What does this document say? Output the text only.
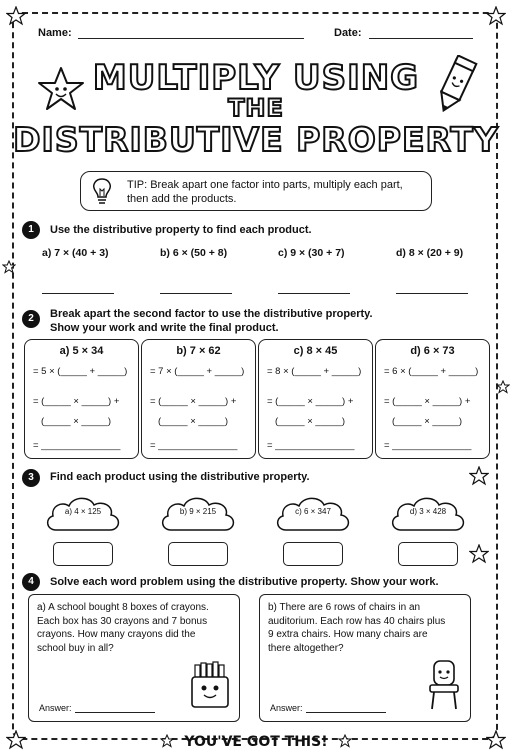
Name:	Date:
MULTIPLY USING
THE
DISTRIBUTIVE PROPERTY
TIP: Break apart one factor into parts, multiply each part, then add the products.
1	Use the distributive property to find each product.
a) 7 × (40 + 3)	b) 6 × (50 + 8)	c) 9 × (30 + 7)	d) 8 × (20 + 9)
2	Break apart the second factor to use the distributive property.
Show your work and write the final product.
a) 5 × 34
= 5 × (_____ + _____)
= (_____ × _____) +
(_____ × _____)
= _______________
b) 7 × 62
= 7 × (_____ + _____)
= (_____ × _____) +
(_____ × _____)
= _______________
c) 8 × 45
= 8 × (_____ + _____)
= (_____ × _____) +
(_____ × _____)
= _______________
d) 6 × 73
= 6 × (_____ + _____)
= (_____ × _____) +
(_____ × _____)
= _______________
3	Find each product using the distributive property.
a) 4 × 125	b) 9 × 215	c) 6 × 347	d) 3 × 428
4	Solve each word problem using the distributive property. Show your work.
a) A school bought 8 boxes of crayons. Each box has 30 crayons and 7 bonus crayons. How many crayons did the school buy in all?
Answer:
b) There are 6 rows of chairs in an auditorium. Each row has 40 chairs plus 9 extra chairs. How many chairs are there altogether?
Answer:
YOU'VE GOT THIS!
